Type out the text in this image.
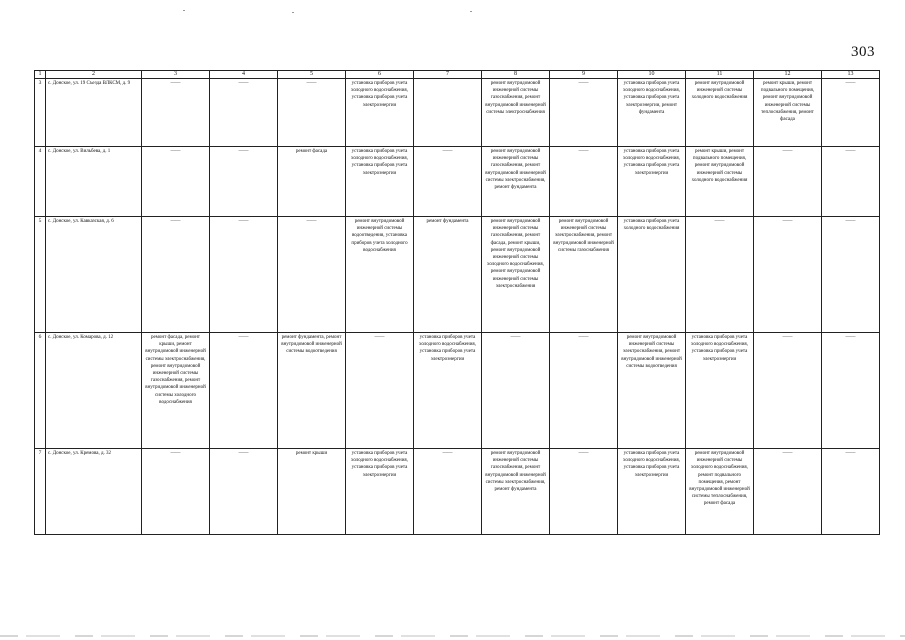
303
1	2	3	4	5	6	7	8	9	10	11	12	13
3	с. Донское, ул. 19 Съезда ВЛКСМ, д. 9	——	——	——	установка приборов учета холодного водоснабжения, установка приборов учета электроэнергии		ремонт внутридомовой инженерной системы газоснабжения, ремонт внутридомовой инженерной системы электроснабжения	——	установка приборов учета холодного водоснабжения, установка приборов учета электроэнергии, ремонт фундамента	ремонт внутридомовой инженерной системы холодного водоснабжения	ремонт крыши, ремонт подвального помещения, ремонт внутридомовой инженерной системы теплоснабжения, ремонт фасада	——
4	с. Донское, ул. Вильбева, д. 1	——	——	ремонт фасада	установка приборов учета холодного водоснабжения, установка приборов учета электроэнергии	——	ремонт внутридомовой инженерной системы газоснабжения, ремонт внутридомовой инженерной системы электроснабжения, ремонт фундамента	——	установка приборов учета холодного водоснабжения, установка приборов учета электроэнергии	ремонт крыши, ремонт подвального помещения, ремонт внутридомовой инженерной системы холодного водоснабжения	——	——
5	с. Донское, ул. Кавказская, д. 6	——	——	——	ремонт внутридомовой инженерной системы водоотведения, установка приборов учета холодного водоснабжения	ремонт фундамента	ремонт внутридомовой инженерной системы газоснабжения, ремонт фасада, ремонт крыши, ремонт внутридомовой инженерной системы холодного водоснабжения, ремонт внутридомовой инженерной системы электроснабжения	ремонт внутридомовой инженерной системы электроснабжения, ремонт внутридомовой инженерной системы газоснабжения	установка приборов учета холодного водоснабжения	——	——	——
6	с. Донское, ул. Комарова, д. 12	ремонт фасада, ремонт крыши, ремонт внутридомовой инженерной системы электроснабжения, ремонт внутридомовой инженерной системы газоснабжения, ремонт внутридомовой инженерной системы холодного водоснабжения	——	ремонт фундамента, ремонт внутридомовой инженерной системы водоотведения	——	установка приборов учета холодного водоснабжения, установка приборов учета электроэнергии	——	——	ремонт внутридомовой инженерной системы электроснабжения, ремонт внутридомовой инженерной системы водоотведения	установка приборов учета холодного водоснабжения, установка приборов учета электроэнергии	——	——
7	с. Донское, ул. Кремова, д. 32	——	——	ремонт крыши	установка приборов учета холодного водоснабжения, установка приборов учета электроэнергии	——	ремонт внутридомовой инженерной системы газоснабжения, ремонт внутридомовой инженерной системы электроснабжения, ремонт фундамента	——	установка приборов учета холодного водоснабжения, установка приборов учета электроэнергии	ремонт внутридомовой инженерной системы холодного водоснабжения, ремонт подвального помещения, ремонт внутридомовой инженерной системы теплоснабжения, ремонт фасада	——	——
